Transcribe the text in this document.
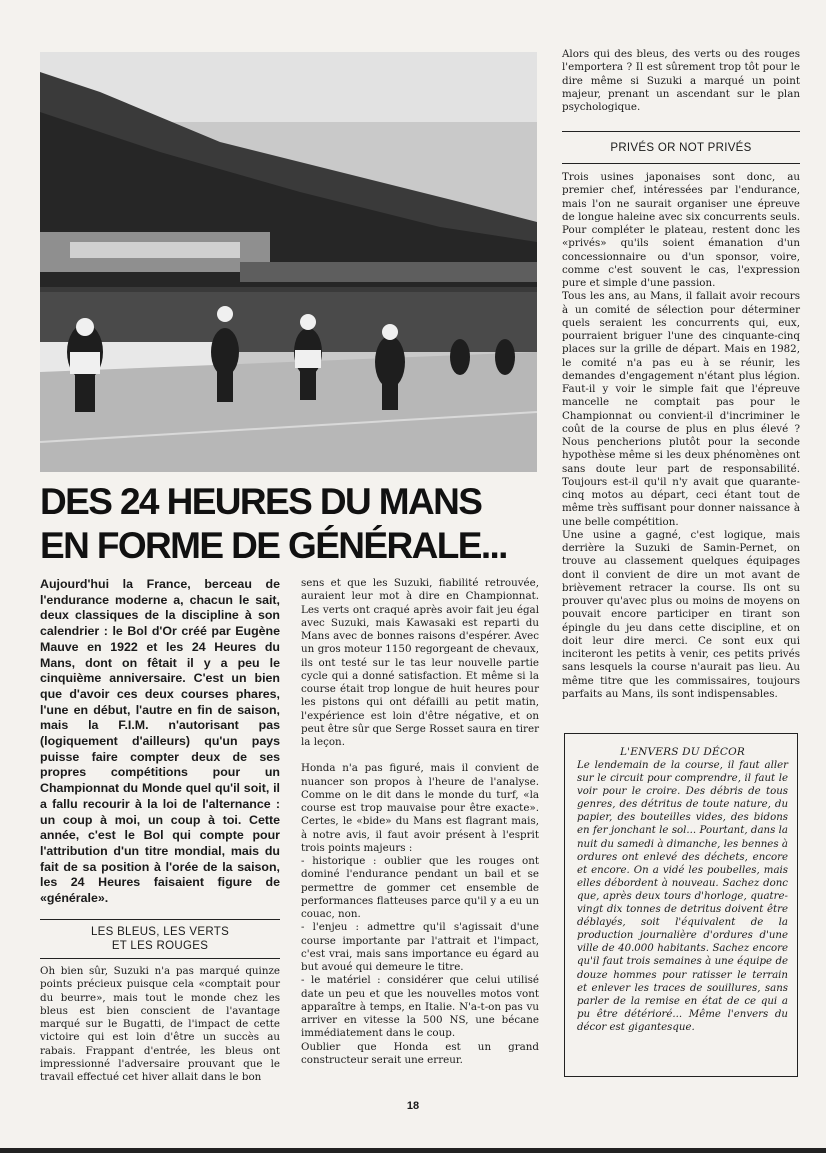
DES 24 HEURES DU MANS
EN FORME DE GÉNÉRALE...

Aujourd'hui la France, berceau de l'endurance moderne a, chacun le sait, deux classiques de la discipline à son calendrier : le Bol d'Or créé par Eugène Mauve en 1922 et les 24 Heures du Mans, dont on fêtait il y a peu le cinquième anniversaire. C'est un bien que d'avoir ces deux courses phares, l'une en début, l'autre en fin de saison, mais la F.I.M. n'autorisant pas (logiquement d'ailleurs) qu'un pays puisse faire compter deux de ses propres compétitions pour un Championnat du Monde quel qu'il soit, il a fallu recourir à la loi de l'alternance : un coup à moi, un coup à toi. Cette année, c'est le Bol qui compte pour l'attribution d'un titre mondial, mais du fait de sa position à l'orée de la saison, les 24 Heures faisaient figure de «générale».

LES BLEUS, LES VERTS
ET LES ROUGES

Oh bien sûr, Suzuki n'a pas marqué quinze points précieux puisque cela «comptait pour du beurre», mais tout le monde chez les bleus est bien conscient de l'avantage marqué sur le Bugatti, de l'impact de cette victoire qui est loin d'être un succès au rabais. Frappant d'entrée, les bleus ont impressionné l'adversaire prouvant que le travail effectué cet hiver allait dans le bon

sens et que les Suzuki, fiabilité retrouvée, auraient leur mot à dire en Championnat. Les verts ont craqué après avoir fait jeu égal avec Suzuki, mais Kawasaki est reparti du Mans avec de bonnes raisons d'espérer. Avec un gros moteur 1150 regorgeant de chevaux, ils ont testé sur le tas leur nouvelle partie cycle qui a donné satisfaction. Et même si la course était trop longue de huit heures pour les pistons qui ont défailli au petit matin, l'expérience est loin d'être négative, et on peut être sûr que Serge Rosset saura en tirer la leçon.

Honda n'a pas figuré, mais il convient de nuancer son propos à l'heure de l'analyse. Comme on le dit dans le monde du turf, «la course est trop mauvaise pour être exacte». Certes, le «bide» du Mans est flagrant mais, à notre avis, il faut avoir présent à l'esprit trois points majeurs :

- historique : oublier que les rouges ont dominé l'endurance pendant un bail et se permettre de gommer cet ensemble de performances flatteuses parce qu'il y a eu un couac, non.

- l'enjeu : admettre qu'il s'agissait d'une course importante par l'attrait et l'impact, c'est vrai, mais sans importance eu égard au but avoué qui demeure le titre.

- le matériel : considérer que celui utilisé date un peu et que les nouvelles motos vont apparaître à temps, en Italie. N'a-t-on pas vu arriver en vitesse la 500 NS, une bécane immédiatement dans le coup.

Oublier que Honda est un grand constructeur serait une erreur.

Alors qui des bleus, des verts ou des rouges l'emportera ? Il est sûrement trop tôt pour le dire même si Suzuki a marqué un point majeur, prenant un ascendant sur le plan psychologique.

PRIVÉS OR NOT PRIVÉS

Trois usines japonaises sont donc, au premier chef, intéressées par l'endurance, mais l'on ne saurait organiser une épreuve de longue haleine avec six concurrents seuls. Pour compléter le plateau, restent donc les «privés» qu'ils soient émanation d'un concessionnaire ou d'un sponsor, voire, comme c'est souvent le cas, l'expression pure et simple d'une passion.

Tous les ans, au Mans, il fallait avoir recours à un comité de sélection pour déterminer quels seraient les concurrents qui, eux, pourraient briguer l'une des cinquante-cinq places sur la grille de départ. Mais en 1982, le comité n'a pas eu à se réunir, les demandes d'engagement n'étant plus légion. Faut-il y voir le simple fait que l'épreuve mancelle ne comptait pas pour le Championnat ou convient-il d'incriminer le coût de la course de plus en plus élevé ? Nous pencherions plutôt pour la seconde hypothèse même si les deux phénomènes ont sans doute leur part de responsabilité. Toujours est-il qu'il n'y avait que quarante-cinq motos au départ, ceci étant tout de même très suffisant pour donner naissance à une belle compétition.

Une usine a gagné, c'est logique, mais derrière la Suzuki de Samin-Pernet, on trouve au classement quelques équipages dont il convient de dire un mot avant de brièvement retracer la course. Ils ont su prouver qu'avec plus ou moins de moyens on pouvait encore participer en tirant son épingle du jeu dans cette discipline, et on doit leur dire merci. Ce sont eux qui inciteront les petits à venir, ces petits privés sans lesquels la course n'aurait pas lieu. Au même titre que les commissaires, toujours parfaits au Mans, ils sont indispensables.

L'ENVERS DU DÉCOR

Le lendemain de la course, il faut aller sur le circuit pour comprendre, il faut le voir pour le croire. Des débris de tous genres, des détritus de toute nature, du papier, des bouteilles vides, des bidons en fer jonchant le sol... Pourtant, dans la nuit du samedi à dimanche, les bennes à ordures ont enlevé des déchets, encore et encore. On a vidé les poubelles, mais elles débordent à nouveau. Sachez donc que, après deux tours d'horloge, quatre-vingt dix tonnes de detritus doivent être déblayés, soit l'équivalent de la production journalière d'ordures d'une ville de 40.000 habitants. Sachez encore qu'il faut trois semaines à une équipe de douze hommes pour ratisser le terrain et enlever les traces de souillures, sans parler de la remise en état de ce qui a pu être détérioré... Même l'envers du décor est gigantesque.

18
